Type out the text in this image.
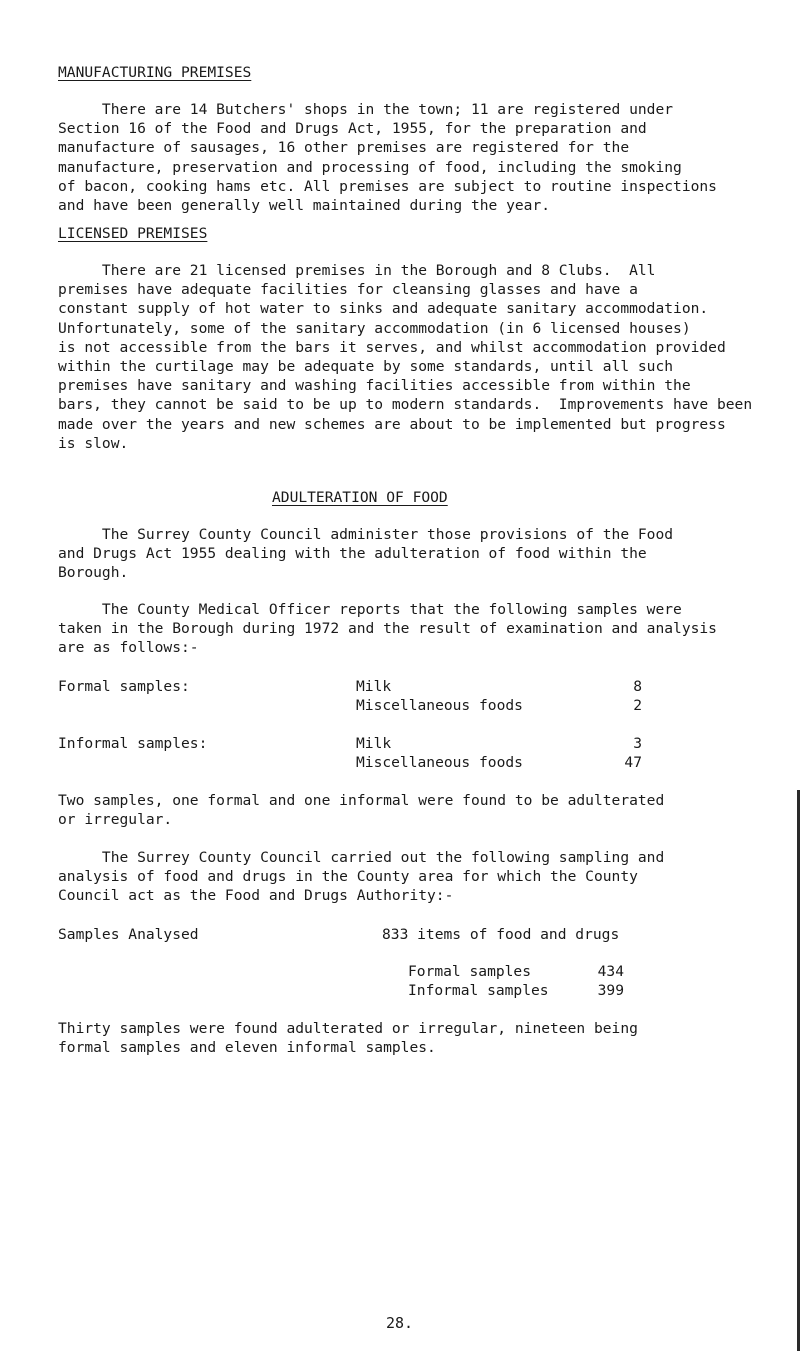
MANUFACTURING PREMISES
There are 14 Butchers' shops in the town; 11 are registered under
Section 16 of the Food and Drugs Act, 1955, for the preparation and
manufacture of sausages, 16 other premises are registered for the
manufacture, preservation and processing of food, including the smoking
of bacon, cooking hams etc. All premises are subject to routine inspections
and have been generally well maintained during the year.
LICENSED PREMISES
There are 21 licensed premises in the Borough and 8 Clubs.  All
premises have adequate facilities for cleansing glasses and have a
constant supply of hot water to sinks and adequate sanitary accommodation.
Unfortunately, some of the sanitary accommodation (in 6 licensed houses)
is not accessible from the bars it serves, and whilst accommodation provided
within the curtilage may be adequate by some standards, until all such
premises have sanitary and washing facilities accessible from within the
bars, they cannot be said to be up to modern standards.  Improvements have been
made over the years and new schemes are about to be implemented but progress
is slow.
ADULTERATION OF FOOD
The Surrey County Council administer those provisions of the Food
and Drugs Act 1955 dealing with the adulteration of food within the
Borough.
The County Medical Officer reports that the following samples were
taken in the Borough during 1972 and the result of examination and analysis
are as follows:-
Formal samples:	Milk	8
Miscellaneous foods	2
Informal samples:	Milk	3
Miscellaneous foods	47
Two samples, one formal and one informal were found to be adulterated
or irregular.
The Surrey County Council carried out the following sampling and
analysis of food and drugs in the County area for which the County
Council act as the Food and Drugs Authority:-
Samples Analysed	833 items of food and drugs
Formal samples	434
Informal samples	399
Thirty samples were found adulterated or irregular, nineteen being
formal samples and eleven informal samples.
28.
